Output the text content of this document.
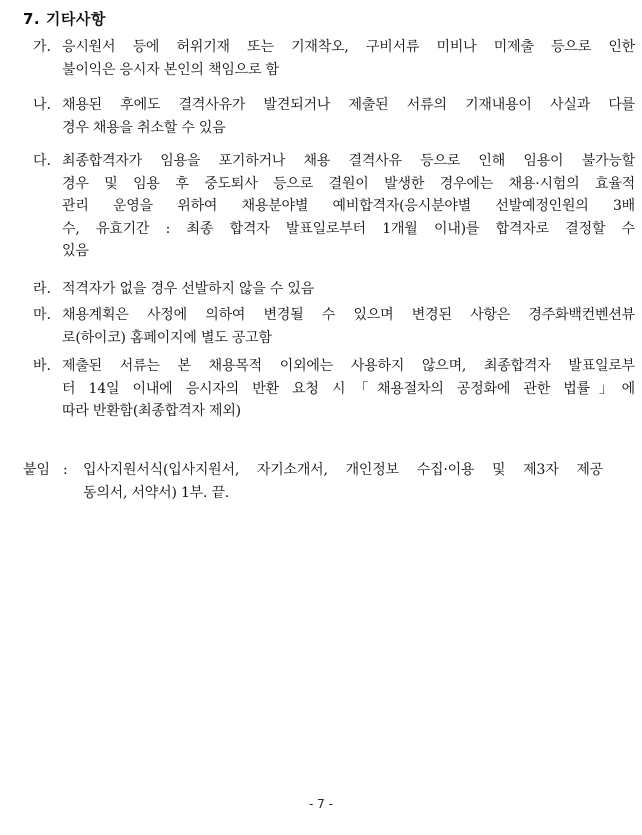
7. 기타사항
가. 응시원서 등에 허위기재 또는 기재착오, 구비서류 미비나 미제출 등으로 인한
불이익은 응시자 본인의 책임으로 함
나. 채용된 후에도 결격사유가 발견되거나 제출된 서류의 기재내용이 사실과 다를
경우 채용을 취소할 수 있음
다. 최종합격자가 임용을 포기하거나 채용 결격사유 등으로 인해 임용이 불가능할
경우 및 임용 후 중도퇴사 등으로 결원이 발생한 경우에는 채용·시험의 효율적
관리 운영을 위하여 채용분야별 예비합격자(응시분야별 선발예정인원의 3배
수, 유효기간 : 최종 합격자 발표일로부터 1개월 이내)를 합격자로 결정할 수
있음
라. 적격자가 없을 경우 선발하지 않을 수 있음
마. 채용계획은 사정에 의하여 변경될 수 있으며 변경된 사항은 경주화백컨벤션뷰
로(하이코) 홈페이지에 별도 공고함
바. 제출된 서류는 본 채용목적 이외에는 사용하지 않으며, 최종합격자 발표일로부
터 14일 이내에 응시자의 반환 요청 시「채용절차의 공정화에 관한 법률」에
따라 반환함(최종합격자 제외)
붙임 : 입사지원서식(입사지원서, 자기소개서, 개인정보 수집·이용 및 제3자 제공
동의서, 서약서) 1부. 끝.
- 7 -
